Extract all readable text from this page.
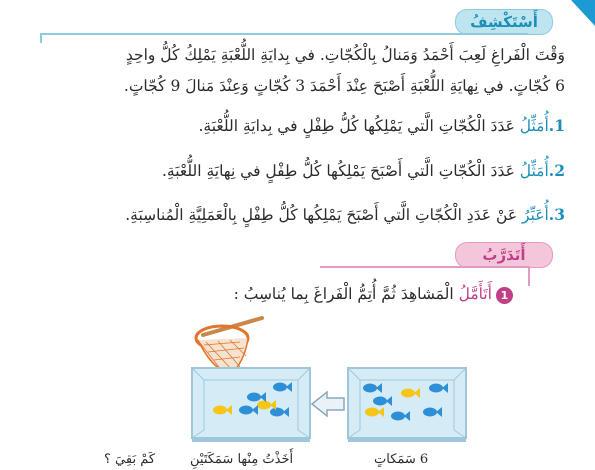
أَسْتَكْشِفُ
وَقْتَ الْفَراغِ لَعِبَ أَحْمَدُ وَمَنالُ بِالْكُجّاتِ. في بِدايَةِ اللُّعْبَةِ يَمْلِكُ كُلُّ واحِدٍ
6 كُجّاتٍ. في نِهايَةِ اللُّعْبَةِ أَصْبَحَ عِنْدَ أَحْمَدَ 3 كُجّاتٍ وَعِنْدَ مَنالَ 9 كُجّاتٍ.
1.أُمَثِّلُ عَدَدَ الْكُجّاتِ الَّتي يَمْلِكُها كُلُّ طِفْلٍ في بِدايَةِ اللُّعْبَةِ.
2.أُمَثِّلُ عَدَدَ الْكُجّاتِ الَّتي أَصْبَحَ يَمْلِكُها كُلُّ طِفْلٍ في نِهايَةِ اللُّعْبَةِ.
3.أُعَبِّرُ عَنْ عَدَدِ الْكُجّاتِ الَّتي أَصْبَحَ يَمْلِكُها كُلُّ طِفْلٍ بِالْعَمَلِيَّةِ الْمُناسِبَةِ.
أَتَدَرَّبُ
1أَتَأَمَّلُ الْمَشاهِدَ ثُمَّ أُتِمُّ الْفَراغَ بِما يُناسِبُ :
6 سَمَكاتٍ
أَخَذْتُ مِنْها سَمَكَتَيْنِ
كَمْ بَقِيَ ؟
